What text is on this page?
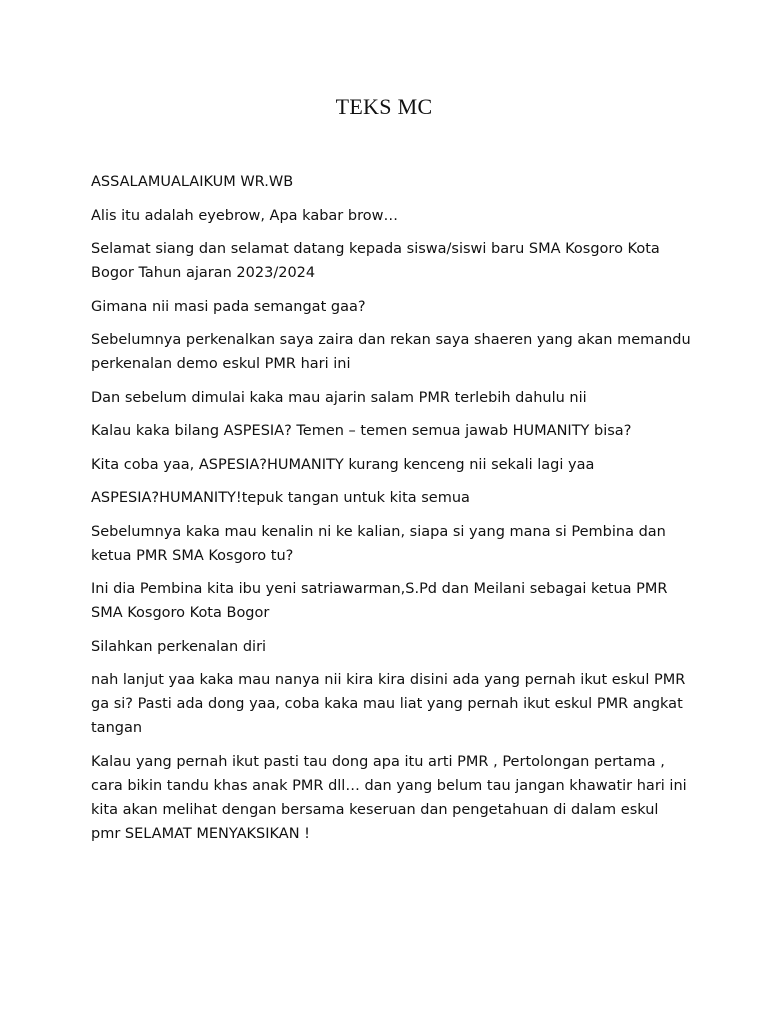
TEKS MC

ASSALAMUALAIKUM WR.WB

Alis itu adalah eyebrow, Apa kabar brow…

Selamat siang dan selamat datang kepada siswa/siswi baru SMA Kosgoro Kota Bogor Tahun ajaran 2023/2024

Gimana nii masi pada semangat gaa?

Sebelumnya perkenalkan saya zaira dan rekan saya shaeren yang akan memandu perkenalan demo eskul PMR hari ini

Dan sebelum dimulai kaka mau ajarin salam PMR terlebih dahulu nii

Kalau kaka bilang ASPESIA? Temen – temen semua jawab HUMANITY bisa?

Kita coba yaa, ASPESIA?HUMANITY kurang kenceng nii sekali lagi yaa

ASPESIA?HUMANITY!tepuk tangan untuk kita semua

Sebelumnya kaka mau kenalin ni ke kalian, siapa si yang mana si Pembina dan ketua PMR SMA Kosgoro tu?

Ini dia Pembina kita ibu yeni satriawarman,S.Pd dan Meilani sebagai ketua PMR SMA Kosgoro Kota Bogor

Silahkan perkenalan diri

nah lanjut yaa kaka mau nanya nii kira kira disini ada yang pernah ikut eskul PMR ga si? Pasti ada dong yaa, coba kaka mau liat yang pernah ikut eskul PMR angkat tangan

Kalau yang pernah ikut pasti tau dong apa itu arti PMR , Pertolongan pertama , cara bikin tandu khas anak PMR dll… dan yang belum tau jangan khawatir hari ini kita akan melihat dengan bersama keseruan dan pengetahuan di dalam eskul pmr SELAMAT MENYAKSIKAN !
